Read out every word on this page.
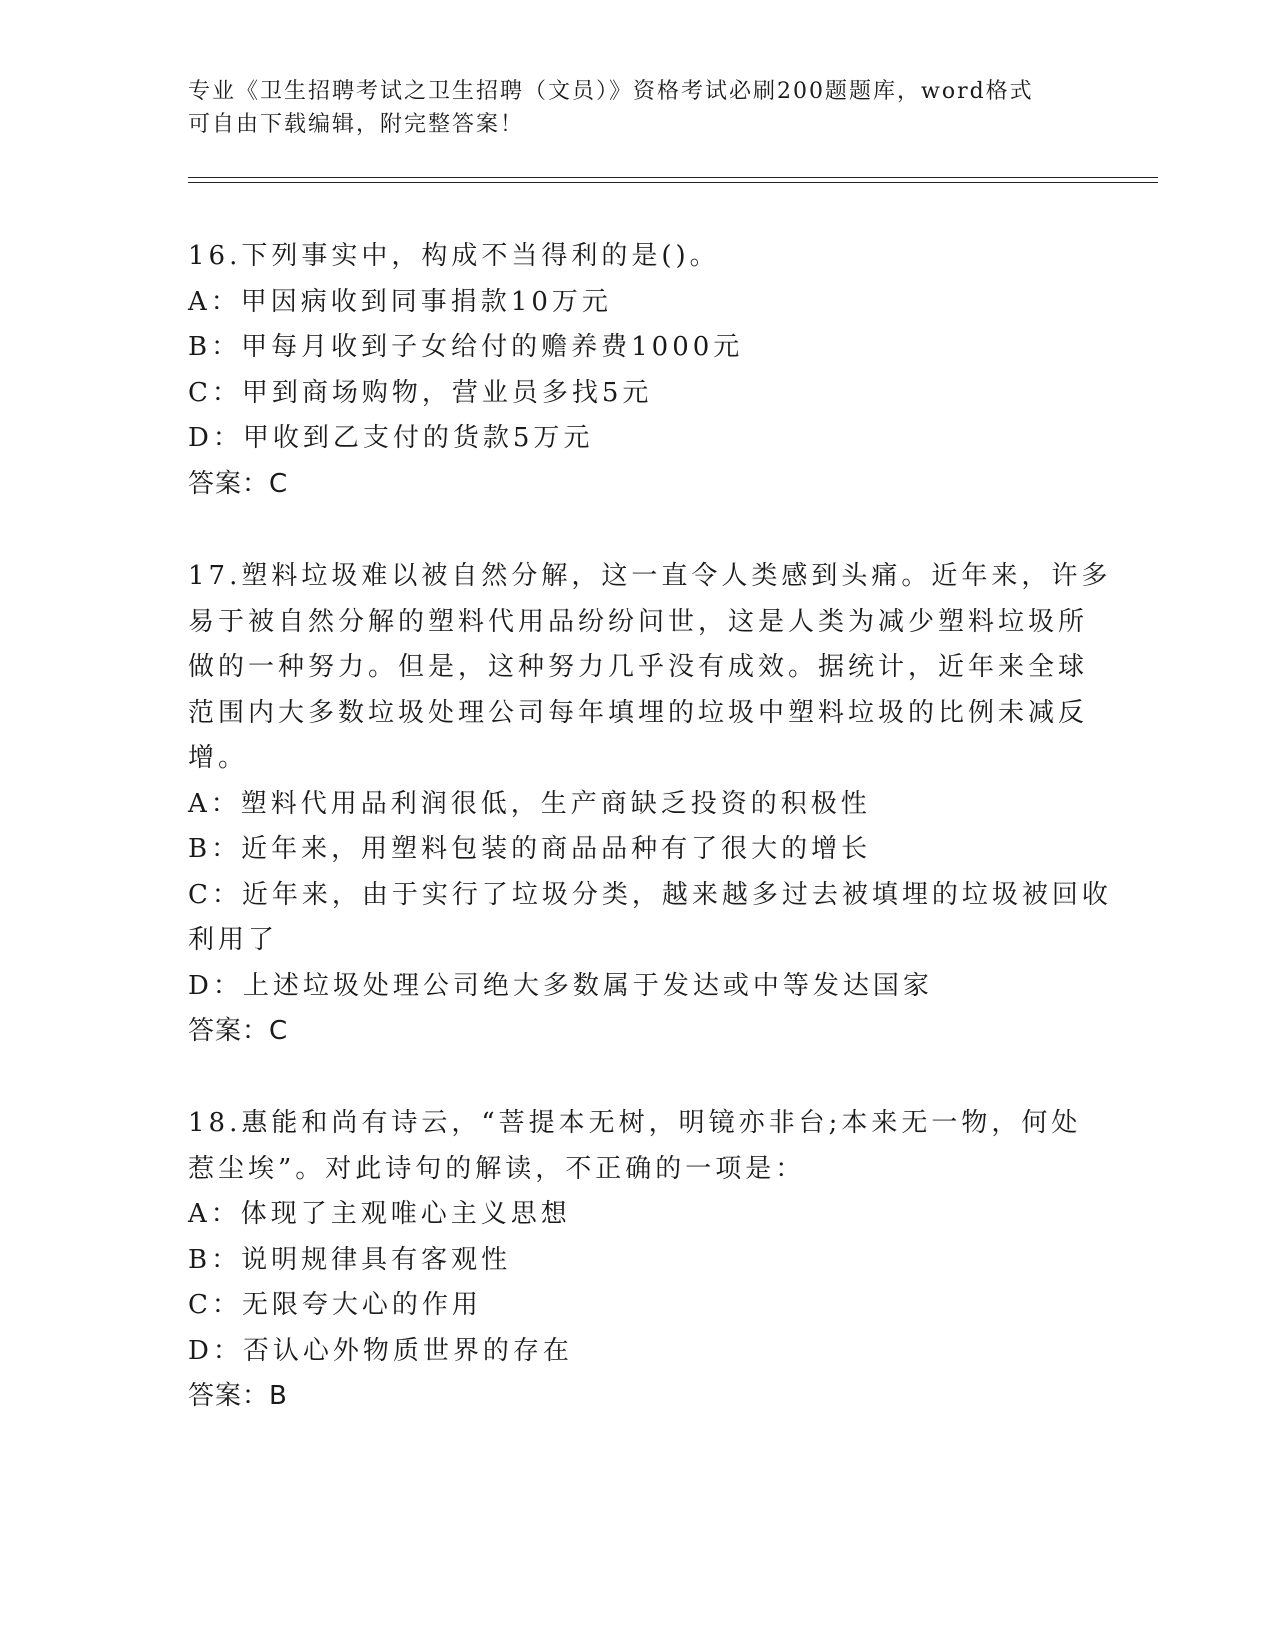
专业《卫生招聘考试之卫生招聘（文员）》资格考试必刷200题题库，word格式
可自由下载编辑，附完整答案！
16.下列事实中，构成不当得利的是()。
A：甲因病收到同事捐款10万元
B：甲每月收到子女给付的赡养费1000元
C：甲到商场购物，营业员多找5元
D：甲收到乙支付的货款5万元
答案：C
17.塑料垃圾难以被自然分解，这一直令人类感到头痛。近年来，许多
易于被自然分解的塑料代用品纷纷问世，这是人类为减少塑料垃圾所
做的一种努力。但是，这种努力几乎没有成效。据统计，近年来全球
范围内大多数垃圾处理公司每年填埋的垃圾中塑料垃圾的比例未减反
增。
A：塑料代用品利润很低，生产商缺乏投资的积极性
B：近年来，用塑料包装的商品品种有了很大的增长
C：近年来，由于实行了垃圾分类，越来越多过去被填埋的垃圾被回收
利用了
D：上述垃圾处理公司绝大多数属于发达或中等发达国家
答案：C
18.惠能和尚有诗云，“菩提本无树，明镜亦非台;本来无一物，何处
惹尘埃”。对此诗句的解读，不正确的一项是：
A：体现了主观唯心主义思想
B：说明规律具有客观性
C：无限夸大心的作用
D：否认心外物质世界的存在
答案：B
